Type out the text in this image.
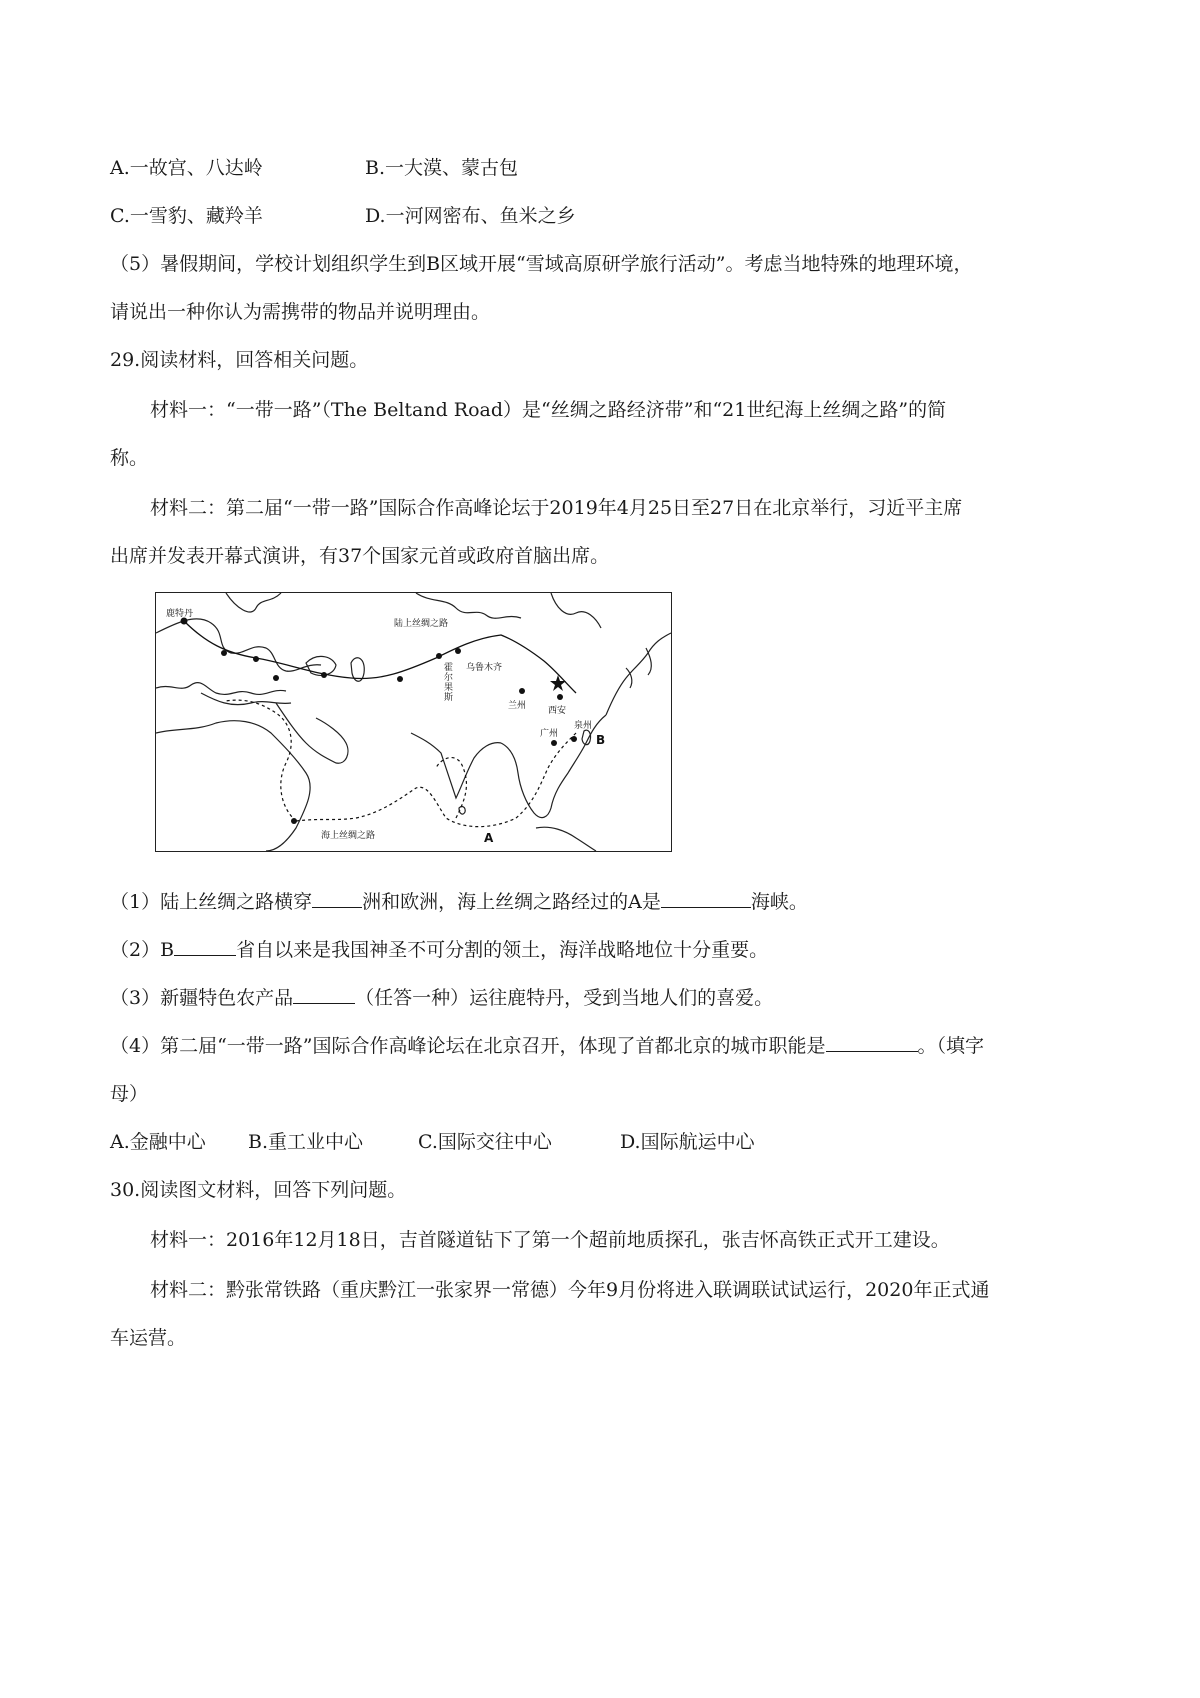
A.一故宫、八达岭	B.一大漠、蒙古包
C.一雪豹、藏羚羊	D.一河网密布、鱼米之乡
（5）暑假期间，学校计划组织学生到B区域开展“雪域高原研学旅行活动”。考虑当地特殊的地理环境，
请说出一种你认为需携带的物品并说明理由。
29.阅读材料，回答相关问题。
材料一：“一带一路”（The Beltand Road）是“丝绸之路经济带”和“21世纪海上丝绸之路”的简
称。
材料二：第二届“一带一路”国际合作高峰论坛于2019年4月25日至27日在北京举行，习近平主席
出席并发表开幕式演讲，有37个国家元首或政府首脑出席。
鹿特丹
陆上丝绸之路
乌鲁木齐
霍尔果斯
兰州 西安
广州
泉州
海上丝绸之路	A
B
（1）陆上丝绸之路横穿	洲和欧洲，海上丝绸之路经过的A是	海峡。
（2）B	省自以来是我国神圣不可分割的领土，海洋战略地位十分重要。
（3）新疆特色农产品	（任答一种）运往鹿特丹，受到当地人们的喜爱。
（4）第二届“一带一路”国际合作高峰论坛在北京召开，体现了首都北京的城市职能是	。（填字
母）
A.金融中心 B.重工业中心	C.国际交往中心	D.国际航运中心
30.阅读图文材料，回答下列问题。
材料一：2016年12月18日，吉首隧道钻下了第一个超前地质探孔，张吉怀高铁正式开工建设。
材料二：黔张常铁路（重庆黔江一张家界一常德）今年9月份将进入联调联试试运行，2020年正式通
车运营。
